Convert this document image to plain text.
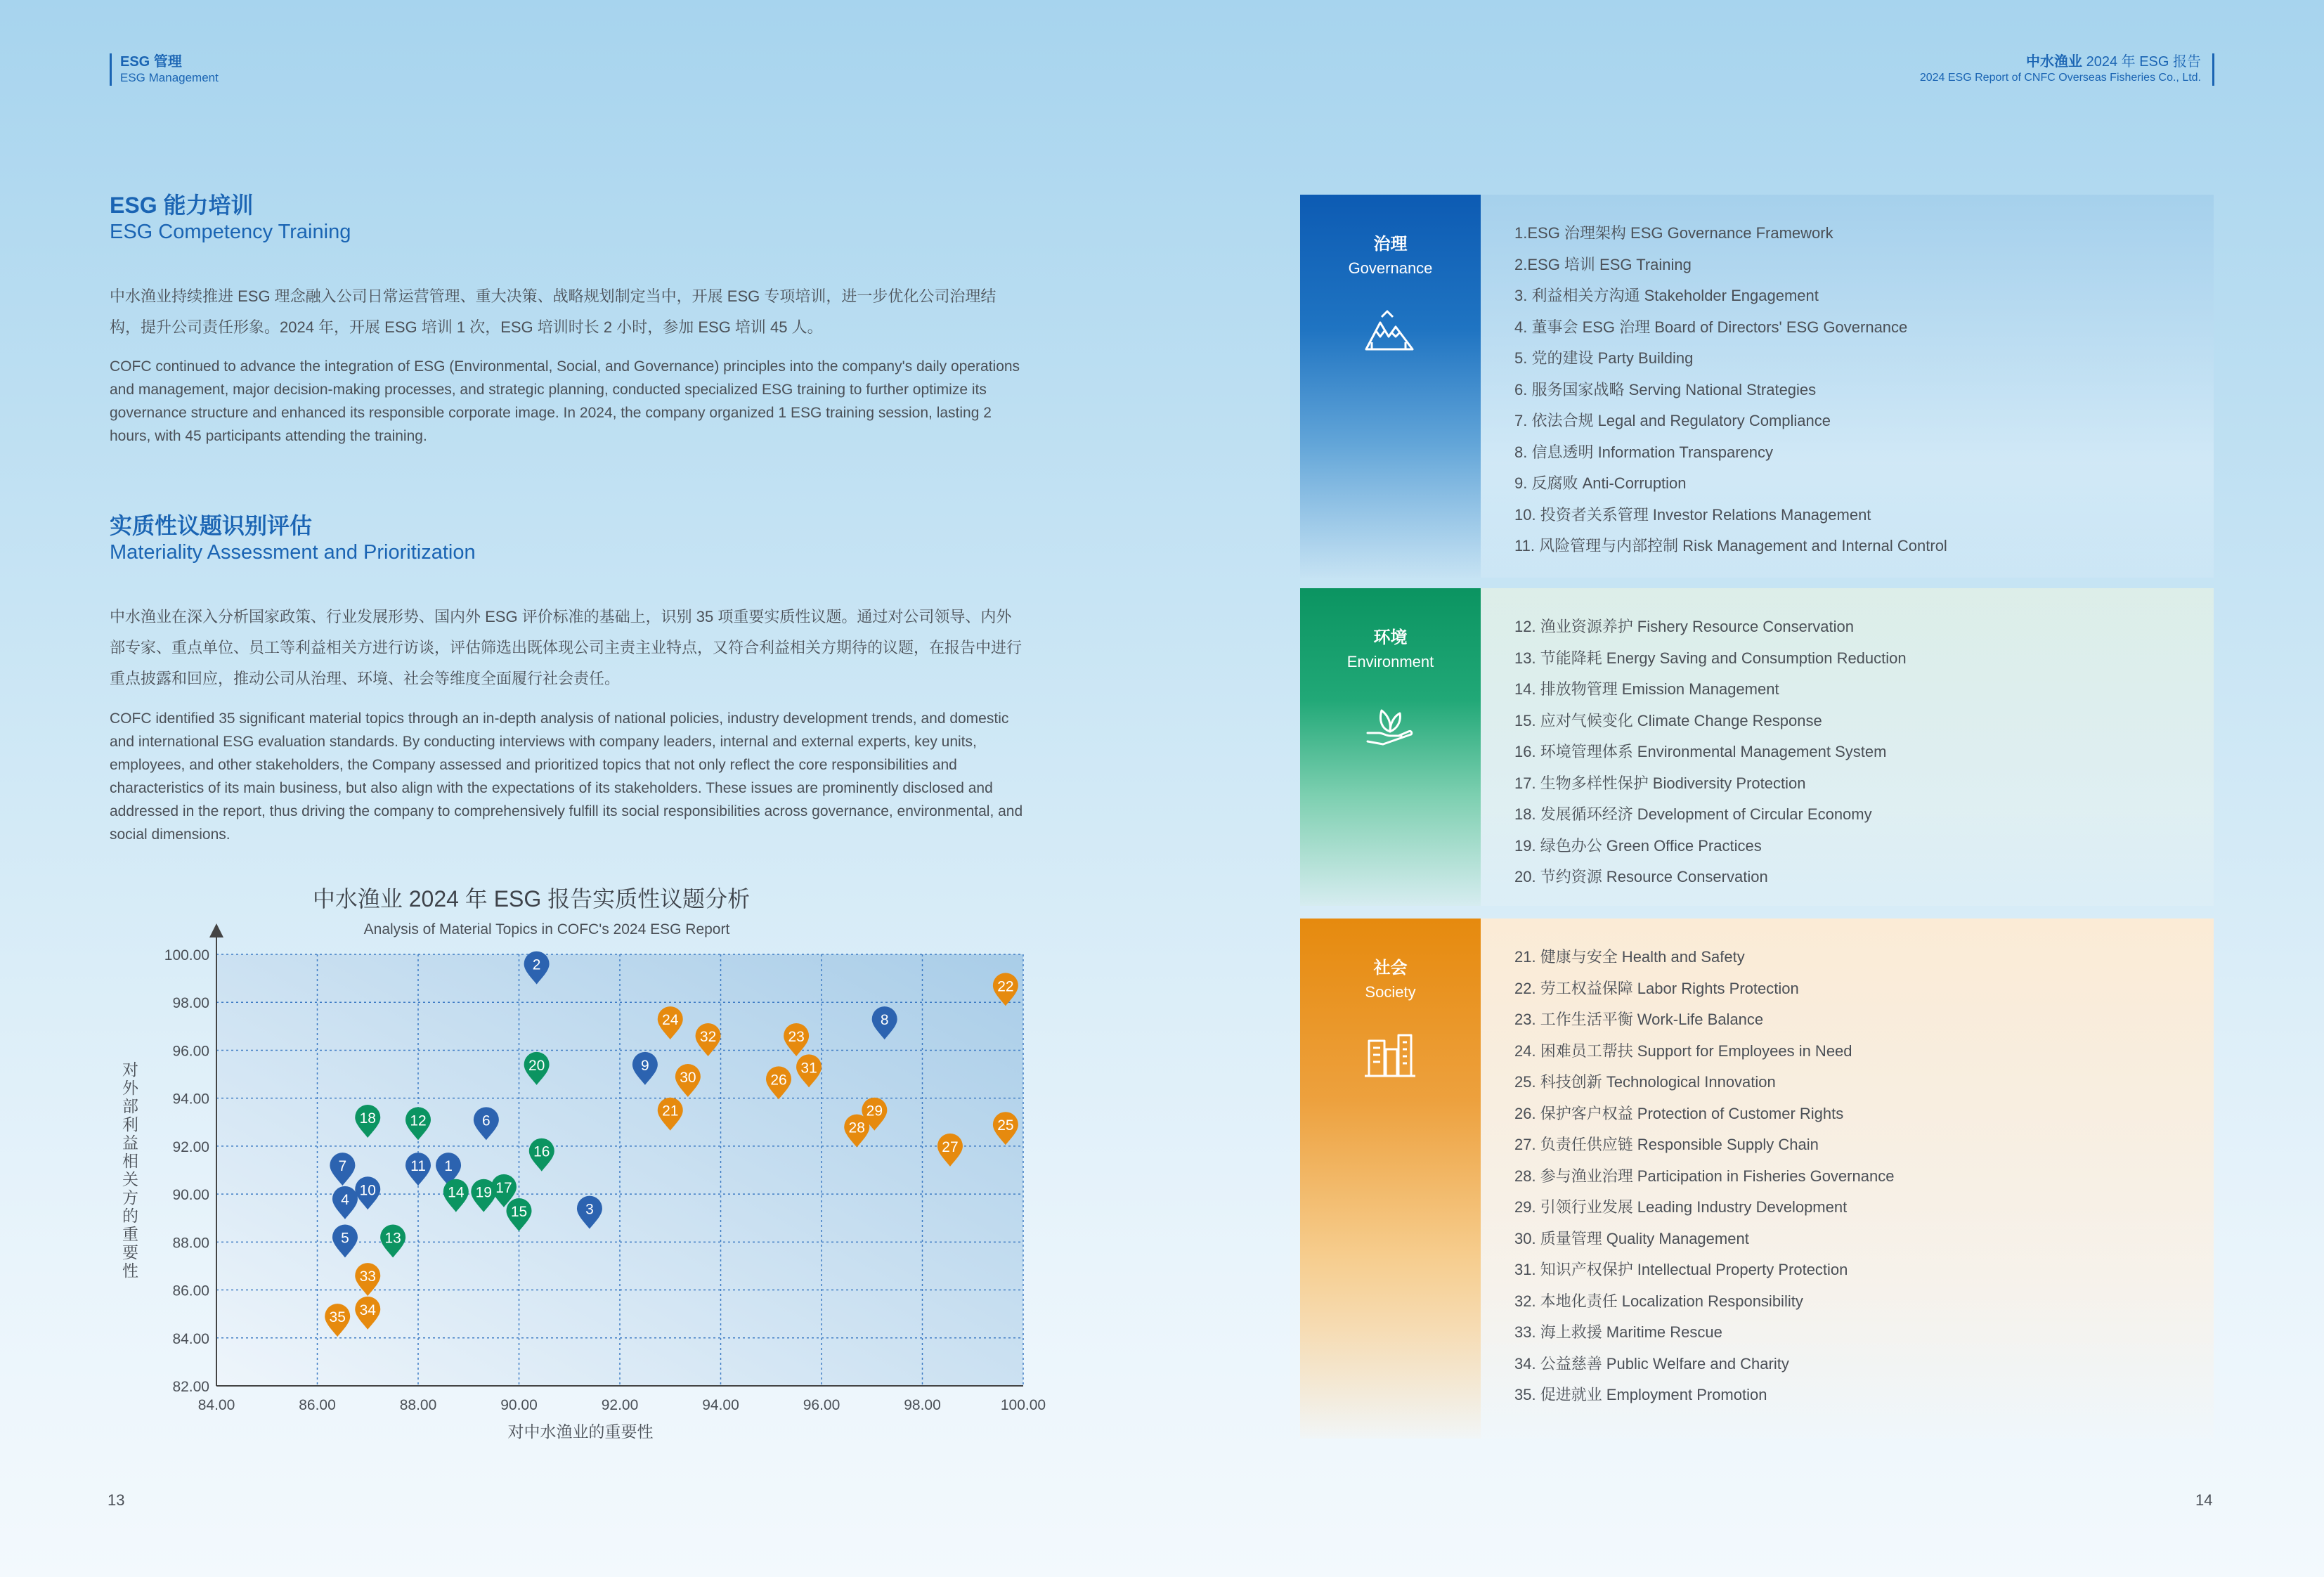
ESG 管理
ESG Management
中水渔业 2024 年 ESG 报告
2024 ESG Report of CNFC Overseas Fisheries Co., Ltd.
ESG 能力培训
ESG Competency Training
中水渔业持续推进 ESG 理念融入公司日常运营管理、重大决策、战略规划制定当中，开展 ESG 专项培训，进一步优化公司治理结构，提升公司责任形象。2024 年，开展 ESG 培训 1 次，ESG 培训时长 2 小时，参加 ESG 培训 45 人。
COFC continued to advance the integration of ESG (Environmental, Social, and Governance) principles into the company's daily operations and management, major decision-making processes, and strategic planning, conducted specialized ESG training to further optimize its governance structure and enhanced its responsible corporate image. In 2024, the company organized 1 ESG training session, lasting 2 hours, with 45 participants attending the training.
实质性议题识别评估
Materiality Assessment and Prioritization
中水渔业在深入分析国家政策、行业发展形势、国内外 ESG 评价标准的基础上，识别 35 项重要实质性议题。通过对公司领导、内外部专家、重点单位、员工等利益相关方进行访谈，评估筛选出既体现公司主责主业特点，又符合利益相关方期待的议题，在报告中进行重点披露和回应，推动公司从治理、环境、社会等维度全面履行社会责任。
COFC identified 35 significant material topics through an in-depth analysis of national policies, industry development trends, and domestic and international ESG evaluation standards. By conducting interviews with company leaders, internal and external experts, key units, employees, and other stakeholders, the Company assessed and prioritized topics that not only reflect the core responsibilities and characteristics of its main business, but also align with the expectations of its stakeholders. These issues are prominently disclosed and addressed in the report, thus driving the company to comprehensively fulfill its social responsibilities across governance, environmental, and social dimensions.
中水渔业 2024 年 ESG 报告实质性议题分析
Analysis of Material Topics in COFC's 2024 ESG Report
84.00	86.00	88.00	90.00	92.00	94.00	96.00	98.00	100.00
82.00
84.00
86.00
88.00
90.00
92.00
94.00
96.00
98.00
100.00
1
2
3
4
5
6
7
8
9
10
11
12
13
14
15
16
17
18
19
20
21
22
23
24
25
26
27
28
29
30
31
32
33
34
35
对中水渔业的重要性
对外部利益相关方的重要性
治理
Governance
1.ESG 治理架构 ESG Governance Framework
2.ESG 培训 ESG Training
3. 利益相关方沟通 Stakeholder Engagement
4. 董事会 ESG 治理 Board of Directors' ESG Governance
5. 党的建设 Party Building
6. 服务国家战略 Serving National Strategies
7. 依法合规 Legal and Regulatory Compliance
8. 信息透明 Information Transparency
9. 反腐败 Anti-Corruption
10. 投资者关系管理 Investor Relations Management
11. 风险管理与内部控制 Risk Management and Internal Control
环境
Environment
12. 渔业资源养护 Fishery Resource Conservation
13. 节能降耗 Energy Saving and Consumption Reduction
14. 排放物管理 Emission Management
15. 应对气候变化 Climate Change Response
16. 环境管理体系 Environmental Management System
17. 生物多样性保护 Biodiversity Protection
18. 发展循环经济 Development of Circular Economy
19. 绿色办公 Green Office Practices
20. 节约资源 Resource Conservation
社会
Society
21. 健康与安全 Health and Safety
22. 劳工权益保障 Labor Rights Protection
23. 工作生活平衡 Work-Life Balance
24. 困难员工帮扶 Support for Employees in Need
25. 科技创新 Technological Innovation
26. 保护客户权益 Protection of Customer Rights
27. 负责任供应链 Responsible Supply Chain
28. 参与渔业治理 Participation in Fisheries Governance
29. 引领行业发展 Leading Industry Development
30. 质量管理 Quality Management
31. 知识产权保护 Intellectual Property Protection
32. 本地化责任 Localization Responsibility
33. 海上救援 Maritime Rescue
34. 公益慈善 Public Welfare and Charity
35. 促进就业 Employment Promotion
13	14
